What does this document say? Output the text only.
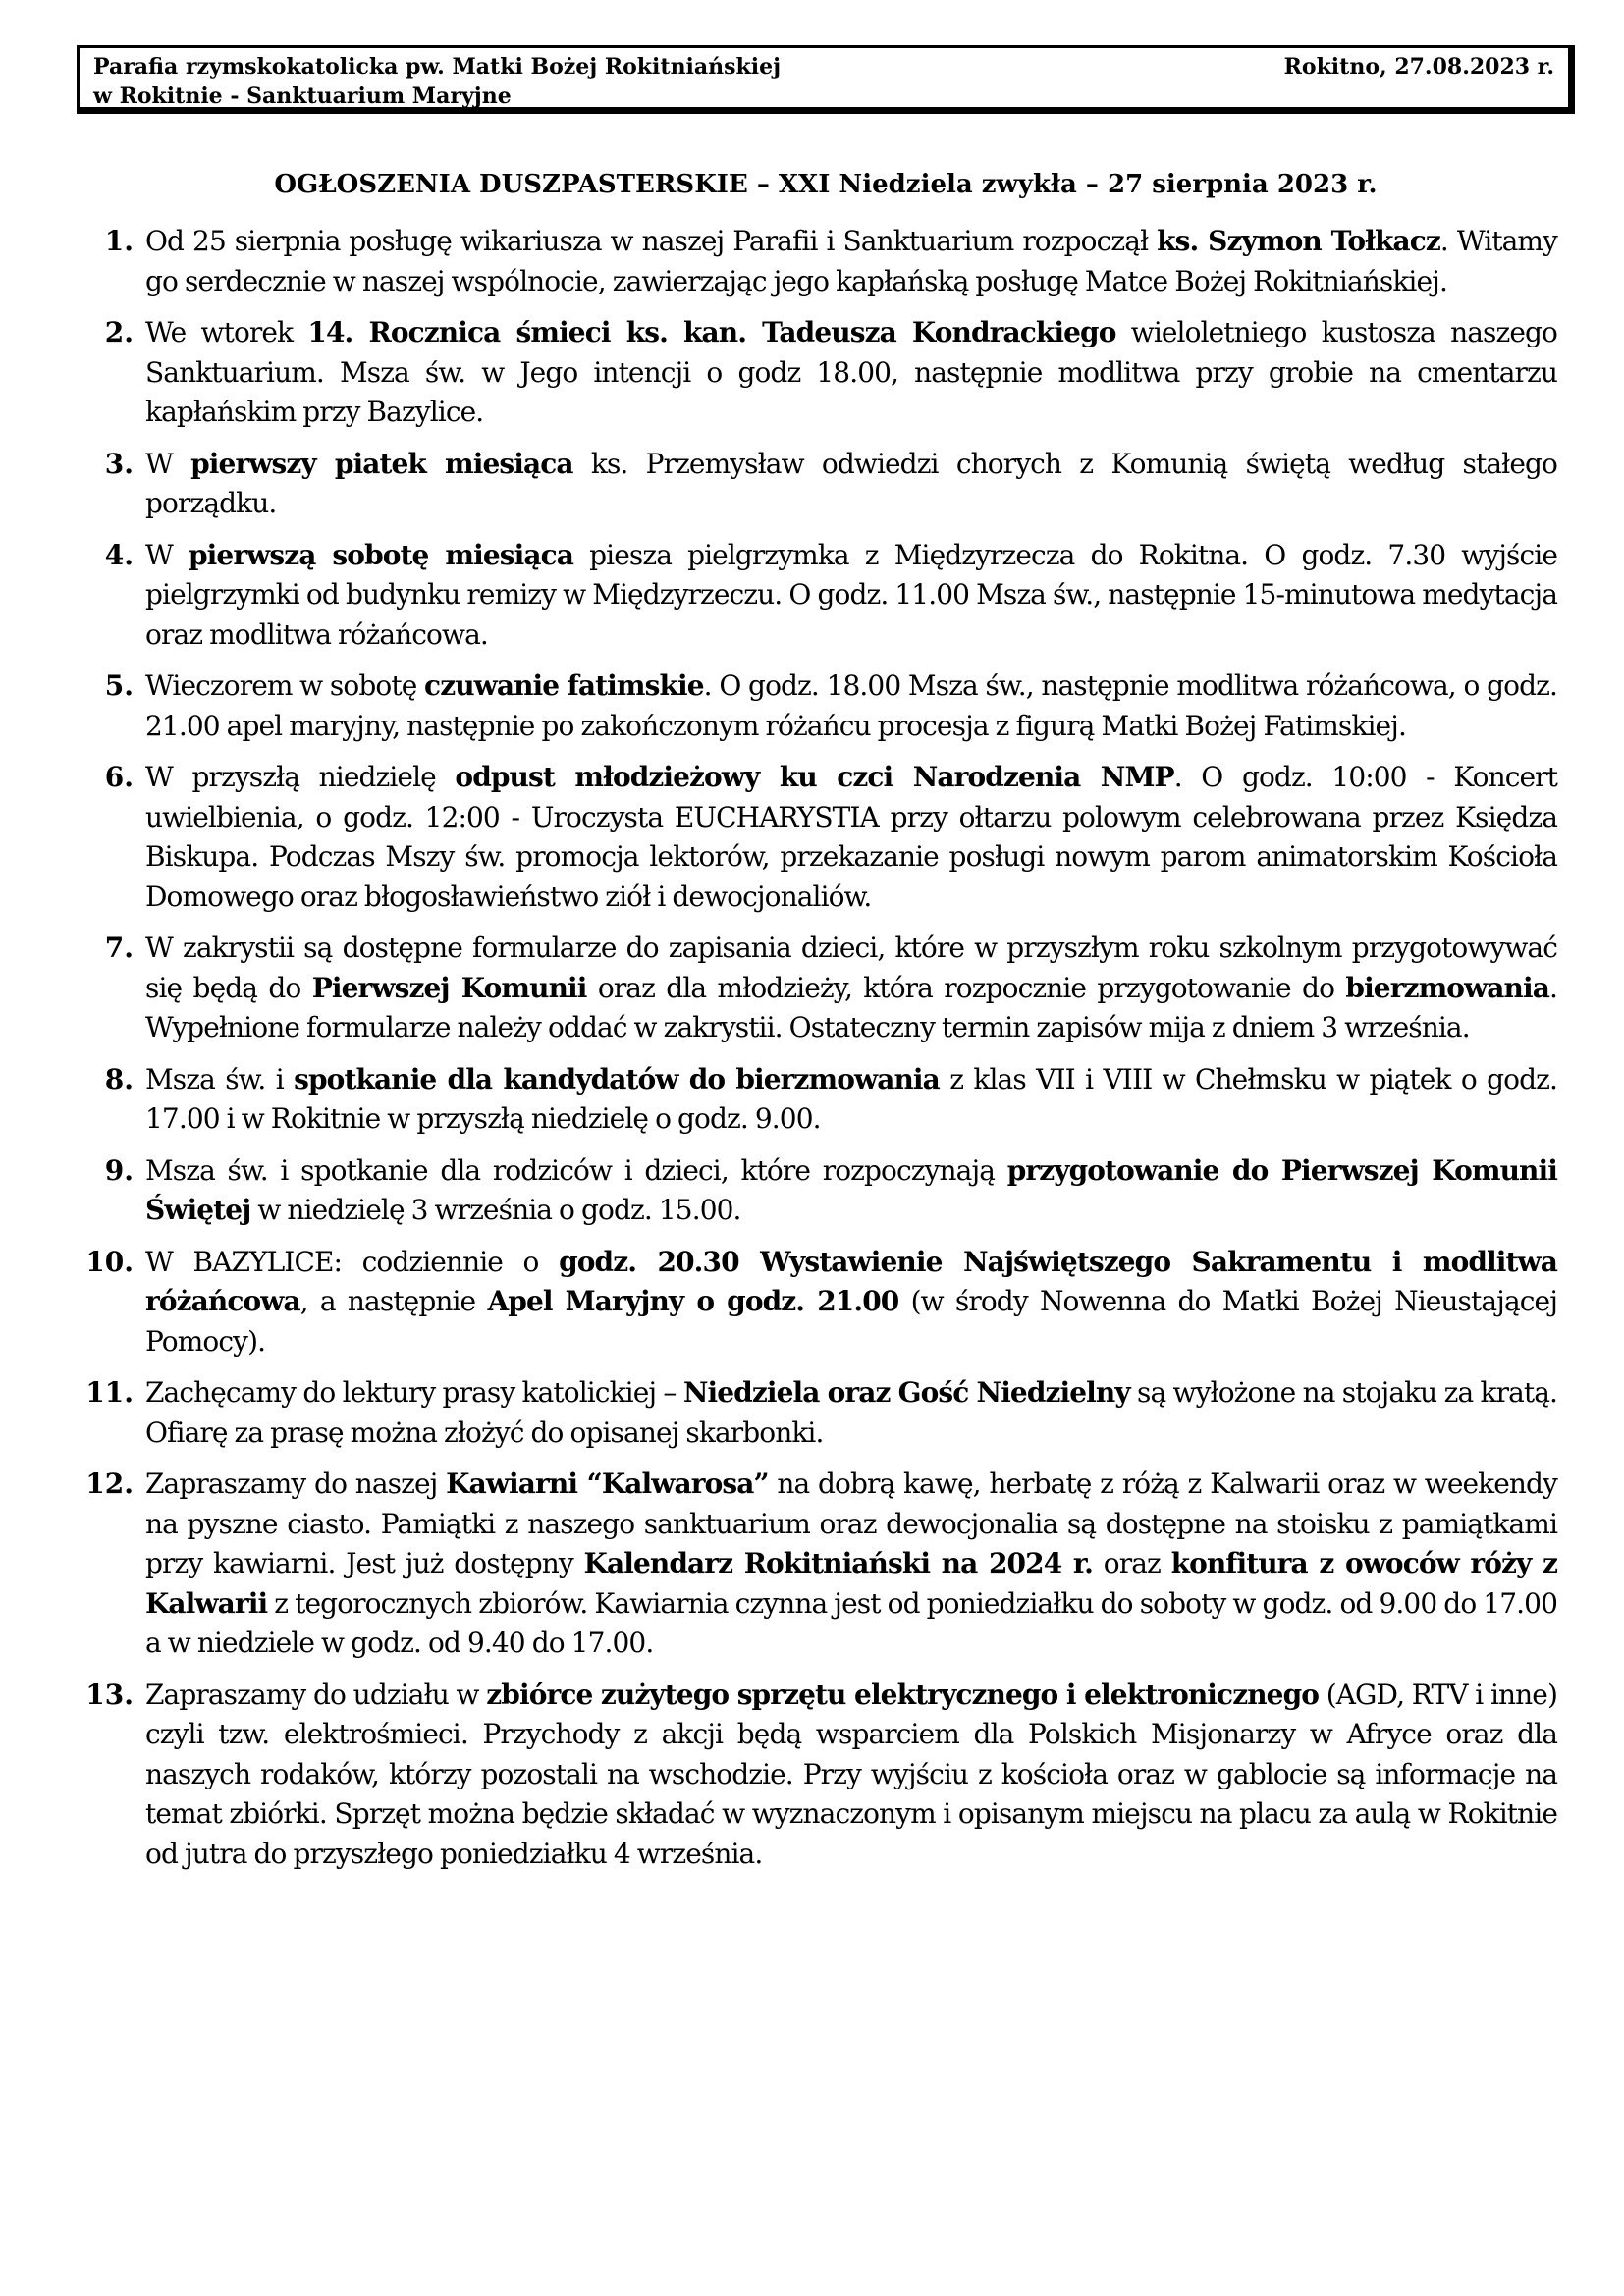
Parafia rzymskokatolicka pw. Matki Bożej Rokitniańskiej
w Rokitnie - Sanktuarium Maryjne
Rokitno, 27.08.2023 r.
OGŁOSZENIA DUSZPASTERSKIE – XXI Niedziela zwykła – 27 sierpnia 2023 r.
1. Od 25 sierpnia posługę wikariusza w naszej Parafii i Sanktuarium rozpoczął ks. Szymon Tołkacz. Witamy go serdecznie w naszej wspólnocie, zawierzając jego kapłańską posługę Matce Bożej Rokitniańskiej.
2. We wtorek 14. Rocznica śmieci ks. kan. Tadeusza Kondrackiego wieloletniego kustosza naszego Sanktuarium. Msza św. w Jego intencji o godz 18.00, następnie modlitwa przy grobie na cmentarzu kapłańskim przy Bazylice.
3. W pierwszy piatek miesiąca ks. Przemysław odwiedzi chorych z Komunią świętą według stałego porządku.
4. W pierwszą sobotę miesiąca piesza pielgrzymka z Międzyrzecza do Rokitna. O godz. 7.30 wyjście pielgrzymki od budynku remizy w Międzyrzeczu. O godz. 11.00 Msza św., następnie 15-minutowa medytacja oraz modlitwa różańcowa.
5. Wieczorem w sobotę czuwanie fatimskie. O godz. 18.00 Msza św., następnie modlitwa różańcowa, o godz. 21.00 apel maryjny, następnie po zakończonym różańcu procesja z figurą Matki Bożej Fatimskiej.
6. W przyszłą niedzielę odpust młodzieżowy ku czci Narodzenia NMP. O godz. 10:00 - Koncert uwielbienia, o godz. 12:00 - Uroczysta EUCHARYSTIA przy ołtarzu polowym celebrowana przez Księdza Biskupa. Podczas Mszy św. promocja lektorów, przekazanie posługi nowym parom animatorskim Kościoła Domowego oraz błogosławieństwo ziół i dewocjonaliów.
7. W zakrystii są dostępne formularze do zapisania dzieci, które w przyszłym roku szkolnym przygotowywać się będą do Pierwszej Komunii oraz dla młodzieży, która rozpocznie przygotowanie do bierzmowania. Wypełnione formularze należy oddać w zakrystii. Ostateczny termin zapisów mija z dniem 3 września.
8. Msza św. i spotkanie dla kandydatów do bierzmowania z klas VII i VIII w Chełmsku w piątek o godz. 17.00 i w Rokitnie w przyszłą niedzielę o godz. 9.00.
9. Msza św. i spotkanie dla rodziców i dzieci, które rozpoczynają przygotowanie do Pierwszej Komunii Świętej w niedzielę 3 września o godz. 15.00.
10. W BAZYLICE: codziennie o godz. 20.30 Wystawienie Najświętszego Sakramentu i modlitwa różańcowa, a następnie Apel Maryjny o godz. 21.00 (w środy Nowenna do Matki Bożej Nieustającej Pomocy).
11. Zachęcamy do lektury prasy katolickiej – Niedziela oraz Gość Niedzielny są wyłożone na stojaku za kratą. Ofiarę za prasę można złożyć do opisanej skarbonki.
12. Zapraszamy do naszej Kawiarni “Kalwarosa” na dobrą kawę, herbatę z różą z Kalwarii oraz w weekendy na pyszne ciasto. Pamiątki z naszego sanktuarium oraz dewocjonalia są dostępne na stoisku z pamiątkami przy kawiarni. Jest już dostępny Kalendarz Rokitniański na 2024 r. oraz konfitura z owoców róży z Kalwarii z tegorocznych zbiorów. Kawiarnia czynna jest od poniedziałku do soboty w godz. od 9.00 do 17.00 a w niedziele w godz. od 9.40 do 17.00.
13. Zapraszamy do udziału w zbiórce zużytego sprzętu elektrycznego i elektronicznego (AGD, RTV i inne) czyli tzw. elektrośmieci. Przychody z akcji będą wsparciem dla Polskich Misjonarzy w Afryce oraz dla naszych rodaków, którzy pozostali na wschodzie. Przy wyjściu z kościoła oraz w gablocie są informacje na temat zbiórki. Sprzęt można będzie składać w wyznaczonym i opisanym miejscu na placu za aulą w Rokitnie od jutra do przyszłego poniedziałku 4 września.
